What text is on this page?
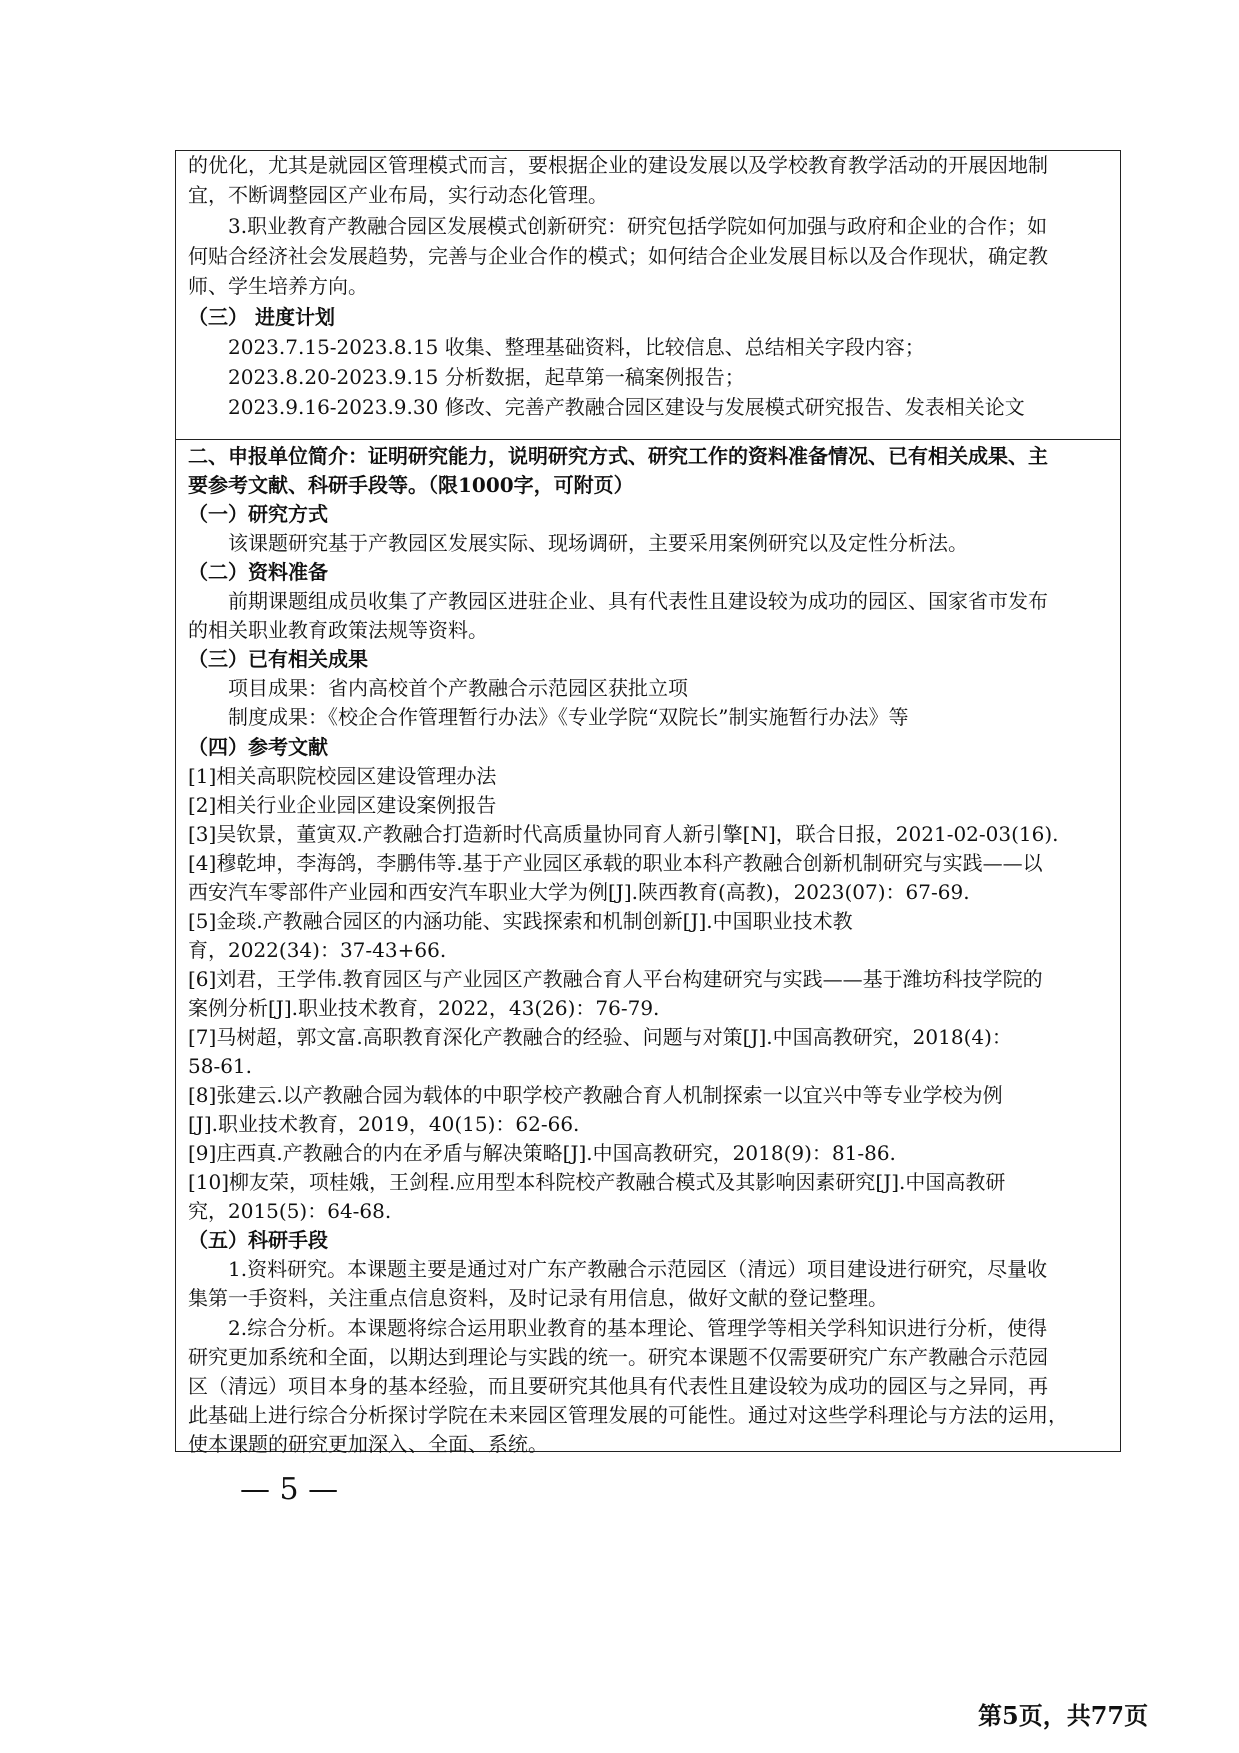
的优化，尤其是就园区管理模式而言，要根据企业的建设发展以及学校教育教学活动的开展因地制
宜，不断调整园区产业布局，实行动态化管理。
3.职业教育产教融合园区发展模式创新研究：研究包括学院如何加强与政府和企业的合作；如
何贴合经济社会发展趋势，完善与企业合作的模式；如何结合企业发展目标以及合作现状，确定教
师、学生培养方向。
（三） 进度计划
2023.7.15-2023.8.15 收集、整理基础资料，比较信息、总结相关字段内容；
2023.8.20-2023.9.15 分析数据，起草第一稿案例报告；
2023.9.16-2023.9.30 修改、完善产教融合园区建设与发展模式研究报告、发表相关论文
二、申报单位简介：证明研究能力，说明研究方式、研究工作的资料准备情况、已有相关成果、主
要参考文献、科研手段等。（限1000字，可附页）
（一）研究方式
该课题研究基于产教园区发展实际、现场调研，主要采用案例研究以及定性分析法。
（二）资料准备
前期课题组成员收集了产教园区进驻企业、具有代表性且建设较为成功的园区、国家省市发布
的相关职业教育政策法规等资料。
（三）已有相关成果
项目成果：省内高校首个产教融合示范园区获批立项
制度成果：《校企合作管理暂行办法》《专业学院“双院长”制实施暂行办法》等
（四）参考文献
[1]相关高职院校园区建设管理办法
[2]相关行业企业园区建设案例报告
[3]吴钦景，董寅双.产教融合打造新时代高质量协同育人新引擎[N]，联合日报，2021-02-03(16).
[4]穆乾坤，李海鸽，李鹏伟等.基于产业园区承载的职业本科产教融合创新机制研究与实践——以
西安汽车零部件产业园和西安汽车职业大学为例[J].陕西教育(高教)，2023(07)：67-69.
[5]金琰.产教融合园区的内涵功能、实践探索和机制创新[J].中国职业技术教
育，2022(34)：37-43+66.
[6]刘君，王学伟.教育园区与产业园区产教融合育人平台构建研究与实践——基于潍坊科技学院的
案例分析[J].职业技术教育，2022，43(26)：76-79.
[7]马树超，郭文富.高职教育深化产教融合的经验、问题与对策[J].中国高教研究，2018(4)：
58-61.
[8]张建云.以产教融合园为载体的中职学校产教融合育人机制探索一以宜兴中等专业学校为例
[J].职业技术教育，2019，40(15)：62-66.
[9]庄西真.产教融合的内在矛盾与解决策略[J].中国高教研究，2018(9)：81-86.
[10]柳友荣，项桂娥，王剑程.应用型本科院校产教融合模式及其影响因素研究[J].中国高教研
究，2015(5)：64-68.
（五）科研手段
1.资料研究。本课题主要是通过对广东产教融合示范园区（清远）项目建设进行研究，尽量收
集第一手资料，关注重点信息资料，及时记录有用信息，做好文献的登记整理。
2.综合分析。本课题将综合运用职业教育的基本理论、管理学等相关学科知识进行分析，使得
研究更加系统和全面，以期达到理论与实践的统一。研究本课题不仅需要研究广东产教融合示范园
区（清远）项目本身的基本经验，而且要研究其他具有代表性且建设较为成功的园区与之异同，再
此基础上进行综合分析探讨学院在未来园区管理发展的可能性。通过对这些学科理论与方法的运用，
使本课题的研究更加深入、全面、系统。
— 5 —
第5页，共77页
